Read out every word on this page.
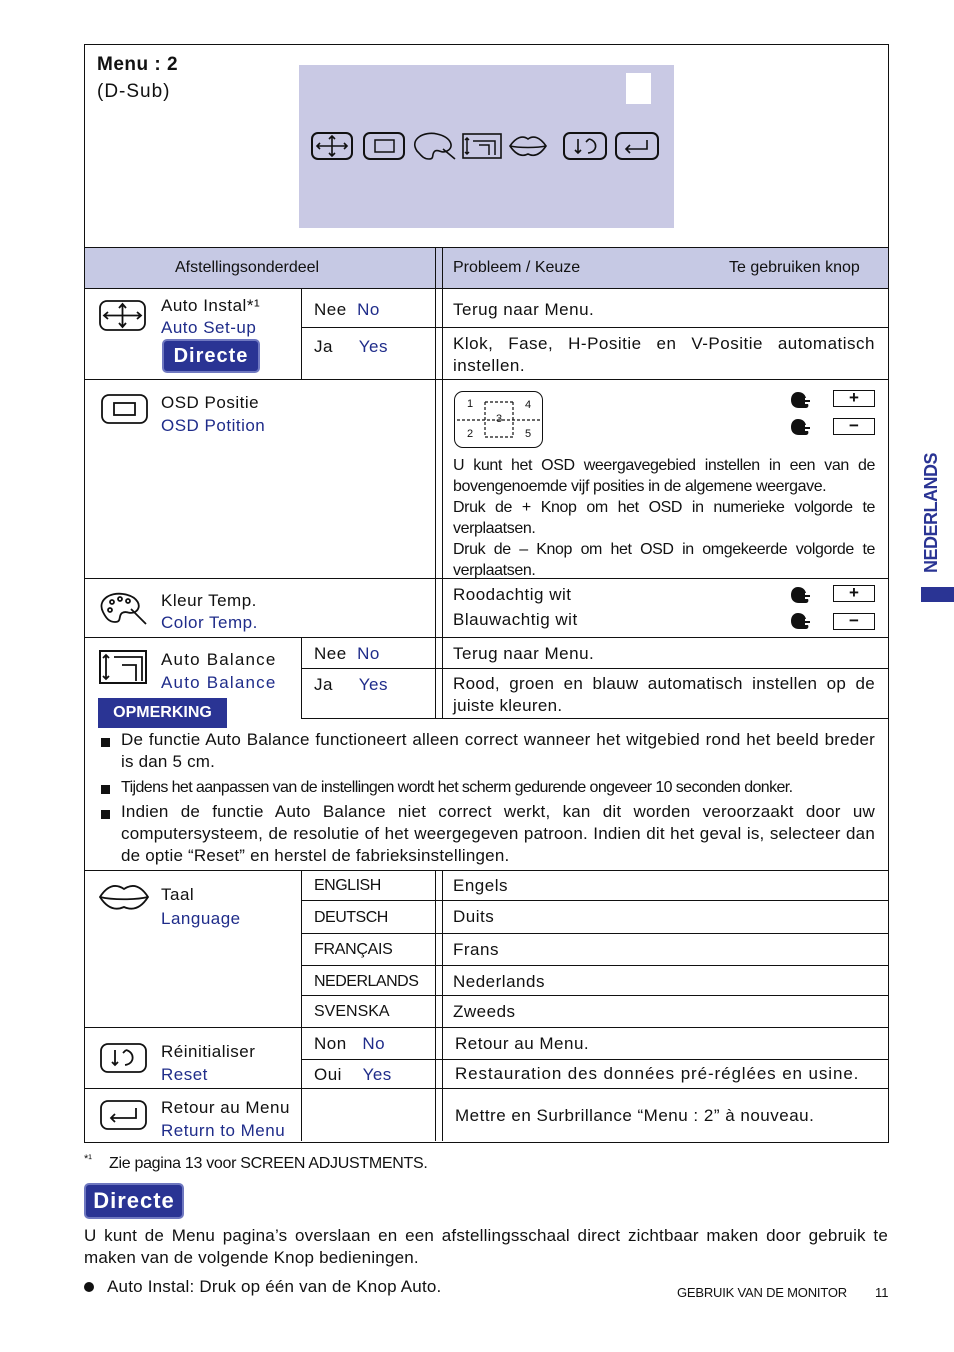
Menu : 2
(D-Sub)
Afstellingsonderdeel	Probleem / Keuze	Te gebruiken knop
Auto Instal*¹
Auto Set-up
Directe
Nee No	Terug naar Menu.
Ja Yes	Klok, Fase, H-Positie en V-Positie automatisch instellen.
OSD Positie
OSD Potition
1	4
3
2	5
+
−
U kunt het OSD weergavegebied instellen in een van de bovengenoemde vijf posities in de algemene weergave.
Druk de + Knop om het OSD in numerieke volgorde te verplaatsen.
Druk de – Knop om het OSD in omgekeerde volgorde te verplaatsen.
Kleur Temp.
Color Temp.
Roodachtig wit
Blauwachtig wit
+
−
Auto Balance
Auto Balance
Nee No	Terug naar Menu.
Ja Yes	Rood, groen en blauw automatisch instellen op de juiste kleuren.
OPMERKING
De functie Auto Balance functioneert alleen correct wanneer het witgebied rond het beeld breder is dan 5 cm.
Tijdens het aanpassen van de instellingen wordt het scherm gedurende ongeveer 10 seconden donker.
Indien de functie Auto Balance niet correct werkt, kan dit worden veroorzaakt door uw computersysteem, de resolutie of het weergegeven patroon. Indien dit het geval is, selecteer dan de optie “Reset” en herstel de fabrieksinstellingen.
Taal
Language
ENGLISH	Engels
DEUTSCH	Duits
FRANÇAIS	Frans
NEDERLANDS Nederlands
SVENSKA	Zweeds
Réinitialiser
Reset
Non No	Retour au Menu.
Oui Yes	Restauration des données pré-réglées en usine.
Retour au Menu
Return to Menu
Mettre en Surbrillance “Menu : 2” à nouveau.
*¹ Zie pagina 13 voor SCREEN ADJUSTMENTS.
Directe
U kunt de Menu pagina’s overslaan en een afstellingsschaal direct zichtbaar maken door gebruik te maken van de volgende Knop bedieningen.
Auto Instal: Druk op één van de Knop Auto.	GEBRUIK VAN DE MONITOR 11
NEDERLANDS
